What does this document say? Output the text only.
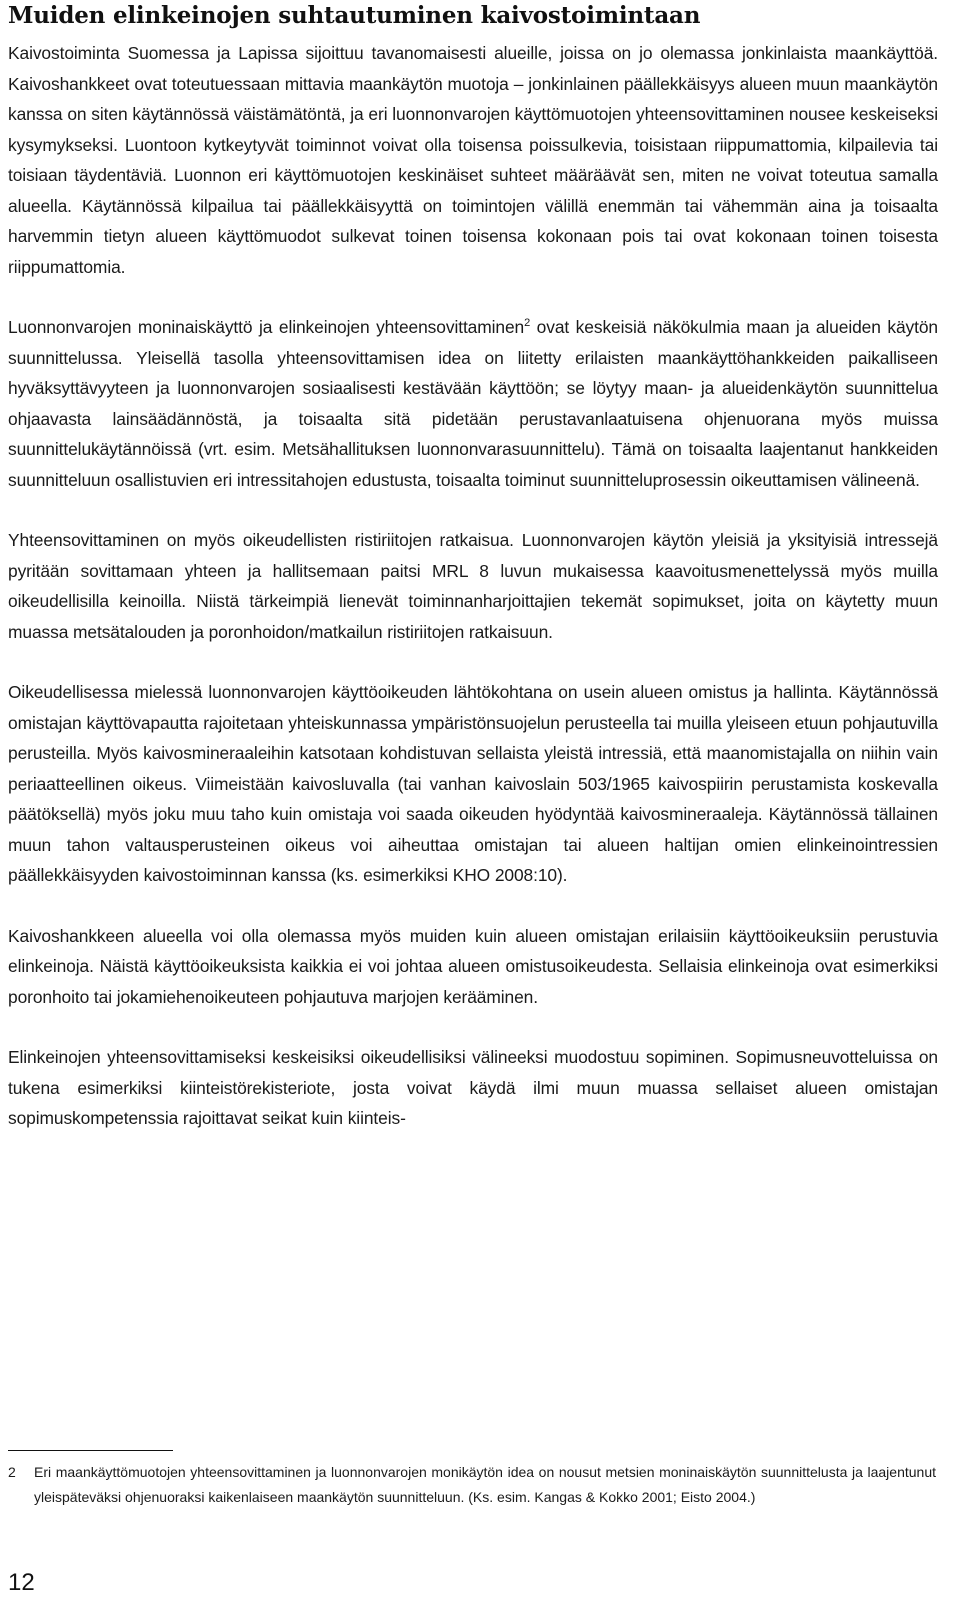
Muiden elinkeinojen suhtautuminen kaivostoimintaan

Kaivostoiminta Suomessa ja Lapissa sijoittuu tavanomaisesti alueille, joissa on jo olemassa jonkinlaista maankäyttöä. Kaivoshankkeet ovat toteutuessaan mittavia maankäytön muotoja – jonkinlainen päällekkäisyys alueen muun maankäytön kanssa on siten käytännössä väistämätöntä, ja eri luonnonvarojen käyttömuotojen yhteensovittaminen nousee keskeiseksi kysymykseksi. Luontoon kytkeytyvät toiminnot voivat olla toisensa poissulkevia, toisistaan riippumattomia, kilpailevia tai toisiaan täydentäviä. Luonnon eri käyttömuotojen keskinäiset suhteet määräävät sen, miten ne voivat toteutua samalla alueella. Käytännössä kilpailua tai päällekkäisyyttä on toimintojen välillä enemmän tai vähemmän aina ja toisaalta harvemmin tietyn alueen käyttömuodot sulkevat toinen toisensa kokonaan pois tai ovat kokonaan toinen toisesta riippumattomia.

Luonnonvarojen moninaiskäyttö ja elinkeinojen yhteensovittaminen$^2$ ovat keskeisiä näkökulmia maan ja alueiden käytön suunnittelussa. Yleisellä tasolla yhteensovittamisen idea on liitetty erilaisten maankäyttöhankkeiden paikalliseen hyväksyttävyyteen ja luonnonvarojen sosiaalisesti kestävään käyttöön; se löytyy maan- ja alueidenkäytön suunnittelua ohjaavasta lainsäädännöstä, ja toisaalta sitä pidetään perustavanlaatuisena ohjenuorana myös muissa suunnittelukäytännöissä (vrt. esim. Metsähallituksen luonnonvarasuunnittelu). Tämä on toisaalta laajentanut hankkeiden suunnitteluun osallistuvien eri intressitahojen edustusta, toisaalta toiminut suunnitteluprosessin oikeuttamisen välineenä.

Yhteensovittaminen on myös oikeudellisten ristiriitojen ratkaisua. Luonnonvarojen käytön yleisiä ja yksityisiä intressejä pyritään sovittamaan yhteen ja hallitsemaan paitsi MRL 8 luvun mukaisessa kaavoitusmenettelyssä myös muilla oikeudellisilla keinoilla. Niistä tärkeimpiä lienevät toiminnanharjoittajien tekemät sopimukset, joita on käytetty muun muassa metsätalouden ja poronhoidon/matkailun ristiriitojen ratkaisuun.

Oikeudellisessa mielessä luonnonvarojen käyttöoikeuden lähtökohtana on usein alueen omistus ja hallinta. Käytännössä omistajan käyttövapautta rajoitetaan yhteiskunnassa ympäristönsuojelun perusteella tai muilla yleiseen etuun pohjautuvilla perusteilla. Myös kaivosmineraaleihin katsotaan kohdistuvan sellaista yleistä intressiä, että maanomistajalla on niihin vain periaatteellinen oikeus. Viimeistään kaivosluvalla (tai vanhan kaivoslain 503/1965 kaivospiirin perustamista koskevalla päätöksellä) myös joku muu taho kuin omistaja voi saada oikeuden hyödyntää kaivosmineraaleja. Käytännössä tällainen muun tahon valtausperusteinen oikeus voi aiheuttaa omistajan tai alueen haltijan omien elinkeinointressien päällekkäisyyden kaivostoiminnan kanssa (ks. esimerkiksi KHO 2008:10).

Kaivoshankkeen alueella voi olla olemassa myös muiden kuin alueen omistajan erilaisiin käyttöoikeuksiin perustuvia elinkeinoja. Näistä käyttöoikeuksista kaikkia ei voi johtaa alueen omistusoikeudesta. Sellaisia elinkeinoja ovat esimerkiksi poronhoito tai jokamiehenoikeuteen pohjautuva marjojen kerääminen.

Elinkeinojen yhteensovittamiseksi keskeisiksi oikeudellisiksi välineeksi muodostuu sopiminen. Sopimusneuvotteluissa on tukena esimerkiksi kiinteistörekisteriote, josta voivat käydä ilmi muun muassa sellaiset alueen omistajan sopimuskompetenssia rajoittavat seikat kuin kiinteis-

2 Eri maankäyttömuotojen yhteensovittaminen ja luonnonvarojen monikäytön idea on nousut metsien moninaiskäytön suunnittelusta ja laajentunut yleispäteväksi ohjenuoraksi kaikenlaiseen maankäytön suunnitteluun. (Ks. esim. Kangas & Kokko 2001; Eisto 2004.)
12
